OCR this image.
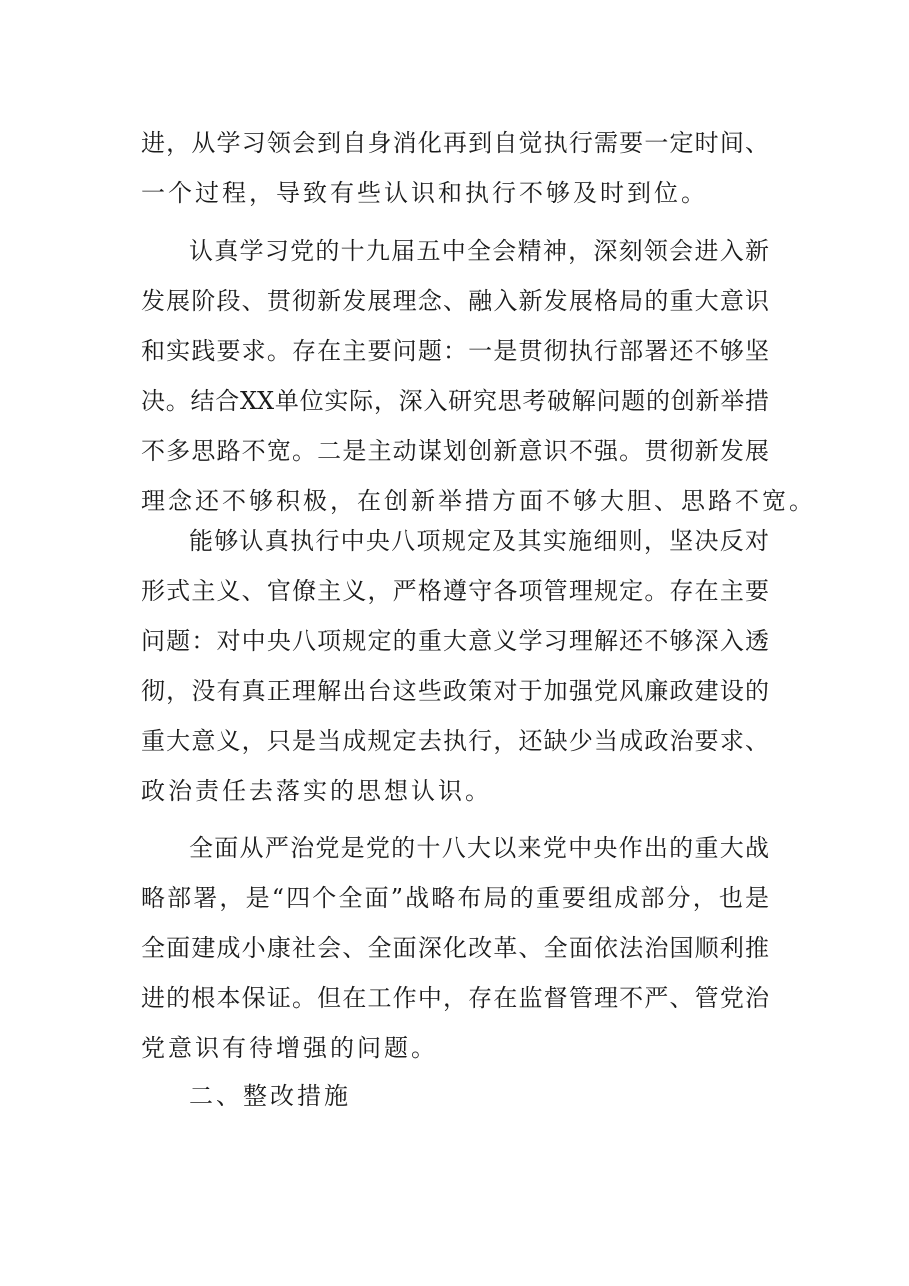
进，从学习领会到自身消化再到自觉执行需要一定时间、
一个过程，导致有些认识和执行不够及时到位。
认真学习党的十九届五中全会精神，深刻领会进入新
发展阶段、贯彻新发展理念、融入新发展格局的重大意识
和实践要求。存在主要问题：一是贯彻执行部署还不够坚
决。结合XX单位实际，深入研究思考破解问题的创新举措
不多思路不宽。二是主动谋划创新意识不强。贯彻新发展
理念还不够积极，在创新举措方面不够大胆、思路不宽。
能够认真执行中央八项规定及其实施细则，坚决反对
形式主义、官僚主义，严格遵守各项管理规定。存在主要
问题：对中央八项规定的重大意义学习理解还不够深入透
彻，没有真正理解出台这些政策对于加强党风廉政建设的
重大意义，只是当成规定去执行，还缺少当成政治要求、
政治责任去落实的思想认识。
全面从严治党是党的十八大以来党中央作出的重大战
略部署，是“四个全面”战略布局的重要组成部分，也是
全面建成小康社会、全面深化改革、全面依法治国顺利推
进的根本保证。但在工作中，存在监督管理不严、管党治
党意识有待增强的问题。
二、整改措施
